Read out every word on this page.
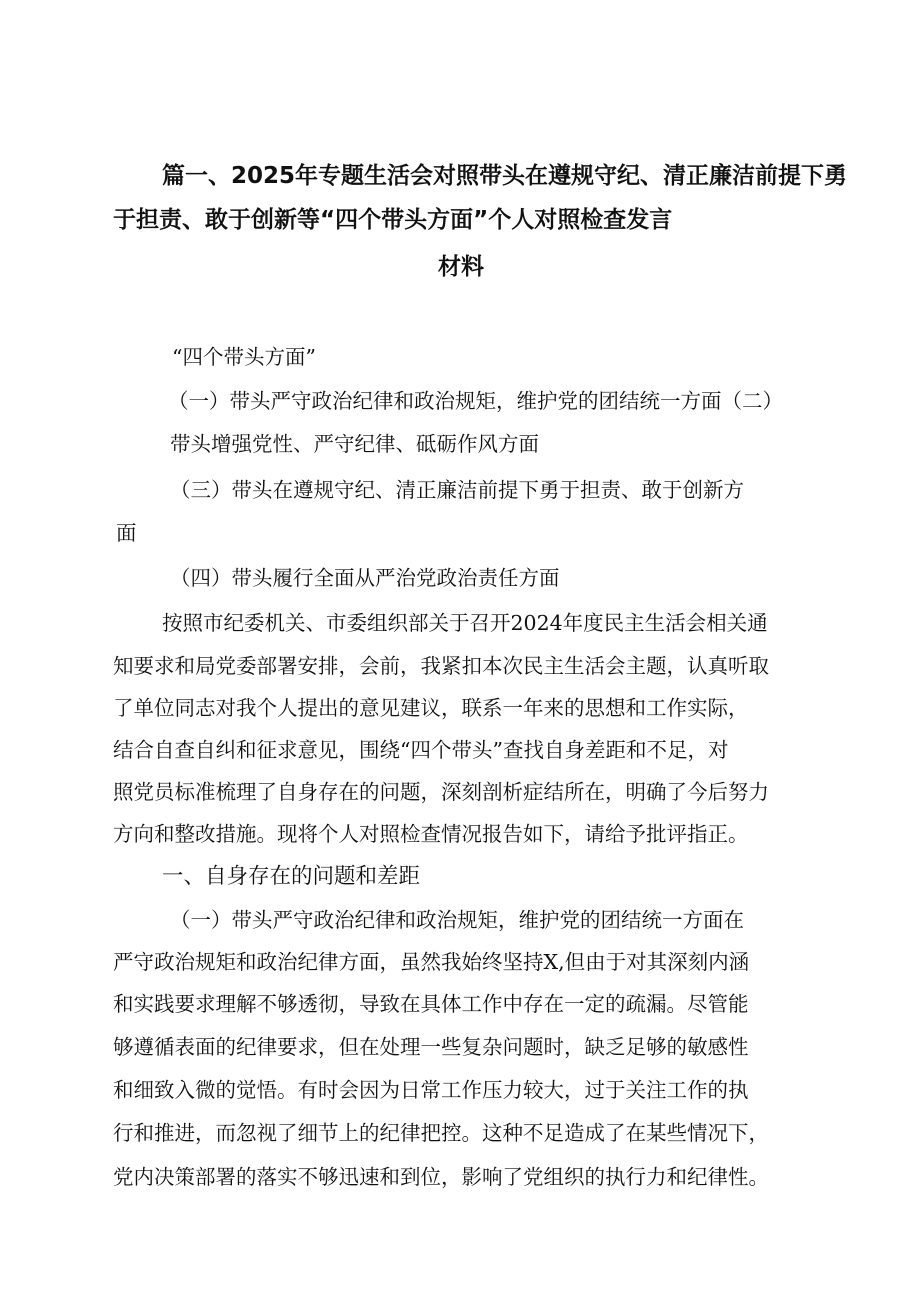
篇一、2025年专题生活会对照带头在遵规守纪、清正廉洁前提下勇
于担责、敢于创新等“四个带头方面”个人对照检查发言
材料
“四个带头方面”
（一）带头严守政治纪律和政治规矩，维护党的团结统一方面（二）
带头增强党性、严守纪律、砥砺作风方面
（三）带头在遵规守纪、清正廉洁前提下勇于担责、敢于创新方
面
（四）带头履行全面从严治党政治责任方面
按照市纪委机关、市委组织部关于召开2024年度民主生活会相关通
知要求和局党委部署安排，会前，我紧扣本次民主生活会主题，认真听取
了单位同志对我个人提出的意见建议，联系一年来的思想和工作实际，
结合自查自纠和征求意见，围绕“四个带头”查找自身差距和不足，对
照党员标准梳理了自身存在的问题，深刻剖析症结所在，明确了今后努力
方向和整改措施。现将个人对照检查情况报告如下，请给予批评指正。
一、自身存在的问题和差距
（一）带头严守政治纪律和政治规矩，维护党的团结统一方面在
严守政治规矩和政治纪律方面，虽然我始终坚持X,但由于对其深刻内涵
和实践要求理解不够透彻，导致在具体工作中存在一定的疏漏。尽管能
够遵循表面的纪律要求，但在处理一些复杂问题时，缺乏足够的敏感性
和细致入微的觉悟。有时会因为日常工作压力较大，过于关注工作的执
行和推进，而忽视了细节上的纪律把控。这种不足造成了在某些情况下，
党内决策部署的落实不够迅速和到位，影响了党组织的执行力和纪律性。
